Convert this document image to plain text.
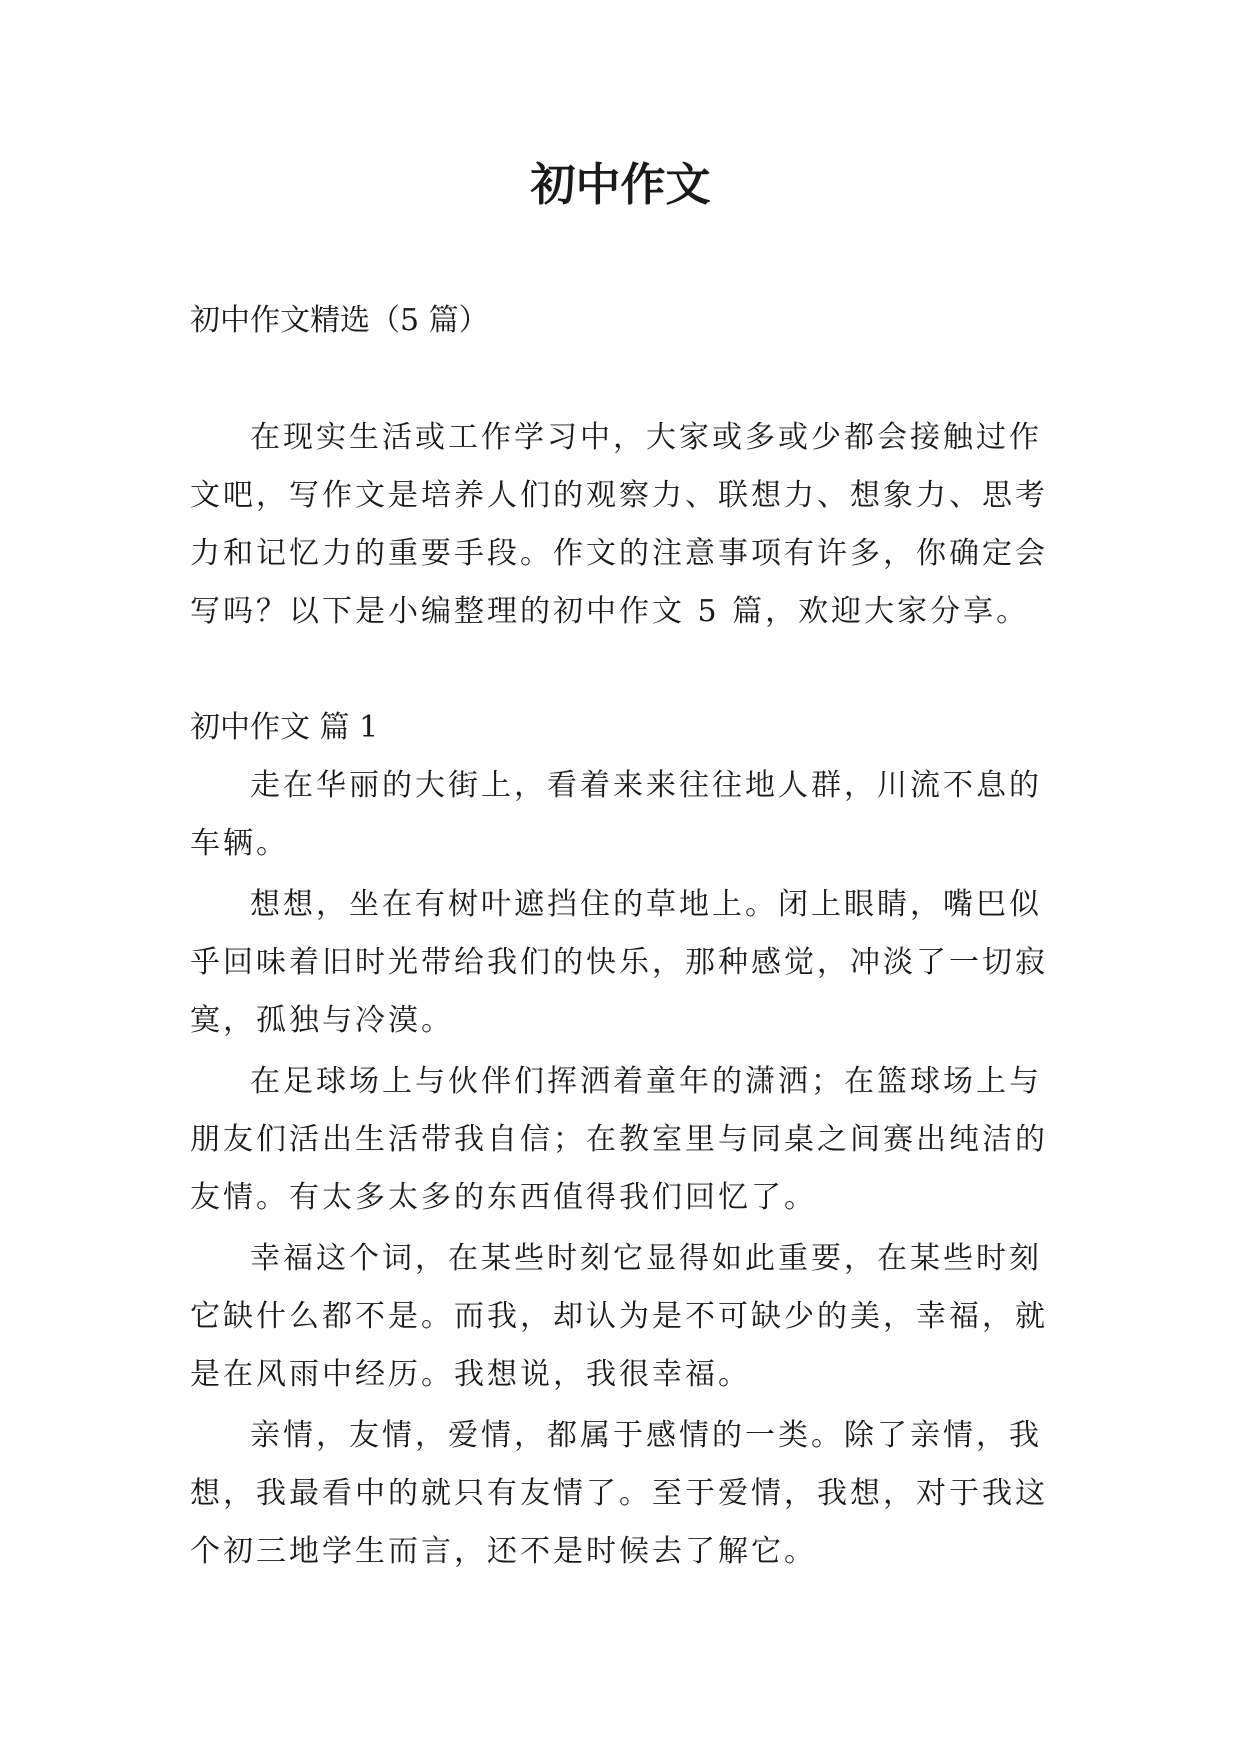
初中作文

初中作文精选（5 篇）

在现实生活或工作学习中，大家或多或少都会接触过作文吧，写作文是培养人们的观察力、联想力、想象力、思考力和记忆力的重要手段。作文的注意事项有许多，你确定会写吗？以下是小编整理的初中作文 5 篇，欢迎大家分享。

初中作文 篇 1

走在华丽的大街上，看着来来往往地人群，川流不息的车辆。

想想，坐在有树叶遮挡住的草地上。闭上眼睛，嘴巴似乎回味着旧时光带给我们的快乐，那种感觉，冲淡了一切寂寞，孤独与冷漠。

在足球场上与伙伴们挥洒着童年的潇洒；在篮球场上与朋友们活出生活带我自信；在教室里与同桌之间赛出纯洁的友情。有太多太多的东西值得我们回忆了。

幸福这个词，在某些时刻它显得如此重要，在某些时刻它缺什么都不是。而我，却认为是不可缺少的美，幸福，就是在风雨中经历。我想说，我很幸福。

亲情，友情，爱情，都属于感情的一类。除了亲情，我想，我最看中的就只有友情了。至于爱情，我想，对于我这个初三地学生而言，还不是时候去了解它。
